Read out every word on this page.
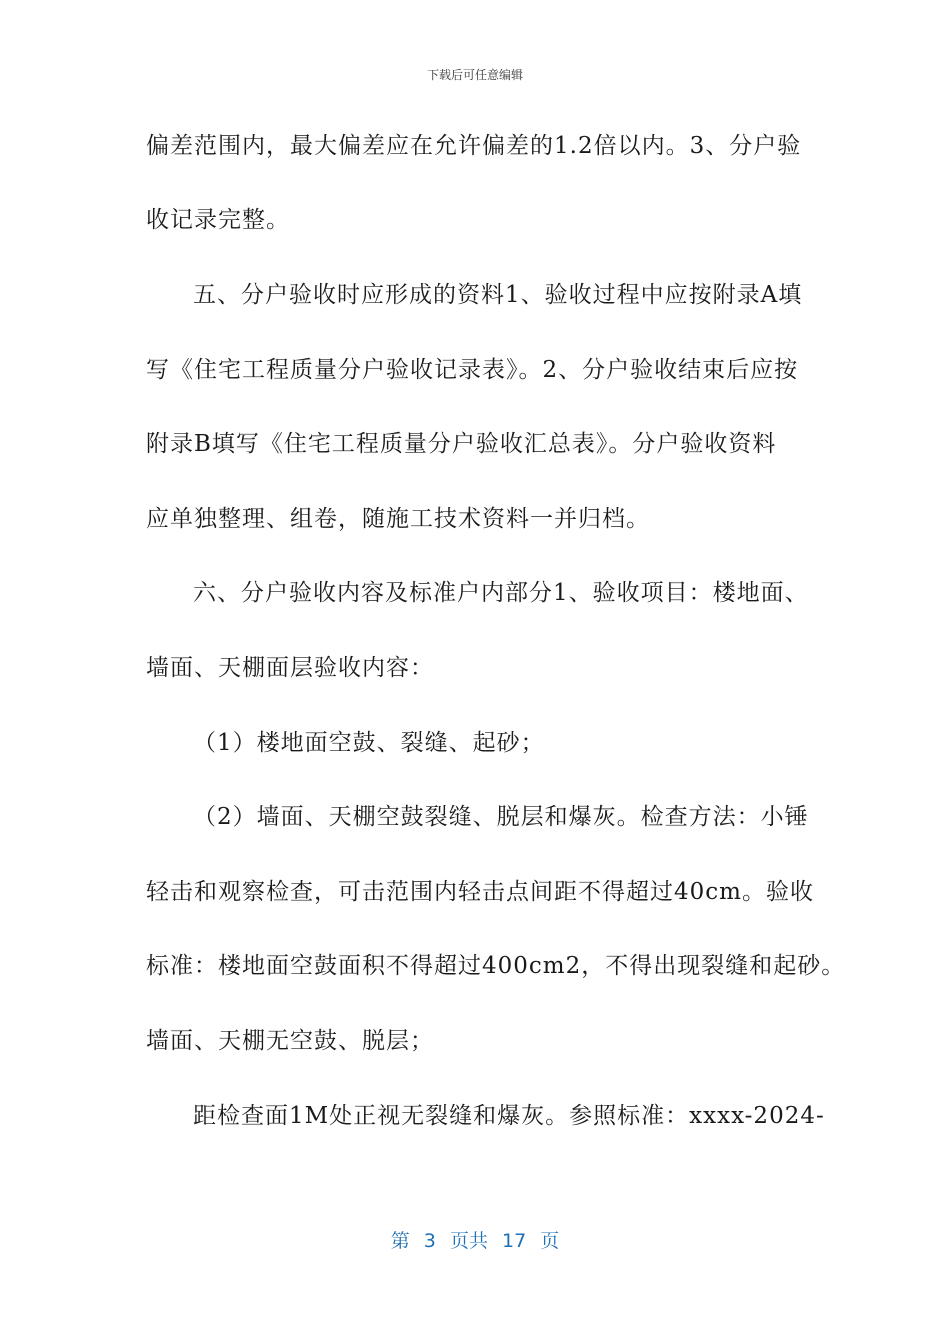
下载后可任意编辑
偏差范围内，最大偏差应在允许偏差的1.2倍以内。3、分户验
收记录完整。
五、分户验收时应形成的资料1、验收过程中应按附录A填
写《住宅工程质量分户验收记录表》。2、分户验收结束后应按
附录B填写《住宅工程质量分户验收汇总表》。分户验收资料
应单独整理、组卷，随施工技术资料一并归档。
六、分户验收内容及标准户内部分1、验收项目：楼地面、
墙面、天棚面层验收内容：
（1）楼地面空鼓、裂缝、起砂；
（2）墙面、天棚空鼓裂缝、脱层和爆灰。检查方法：小锤
轻击和观察检查，可击范围内轻击点间距不得超过40cm。验收
标准：楼地面空鼓面积不得超过400cm2，不得出现裂缝和起砂。
墙面、天棚无空鼓、脱层；
距检查面1M处正视无裂缝和爆灰。参照标准：xxxx-2024-
第 3 页共 17 页
